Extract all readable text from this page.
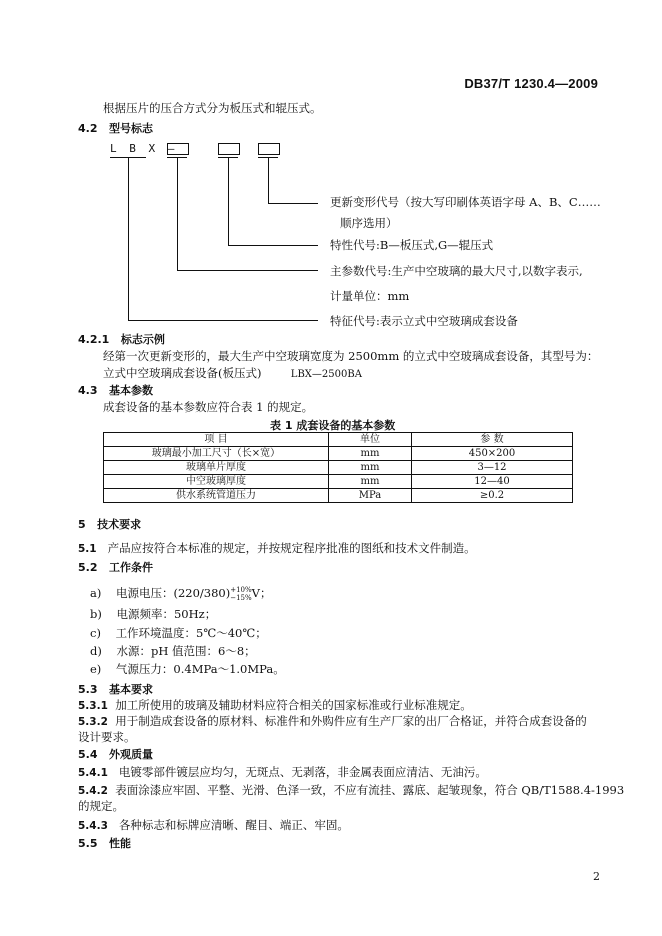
DB37/T 1230.4—2009
根据压片的压合方式分为板压式和辊压式。
4.2 型号标志
L B X —
更新变形代号（按大写印刷体英语字母 A、B、C……
顺序选用）
特性代号:B—板压式,G—辊压式
主参数代号:生产中空玻璃的最大尺寸,以数字表示,
计量单位：mm
特征代号:表示立式中空玻璃成套设备
4.2.1 标志示例
经第一次更新变形的，最大生产中空玻璃宽度为 2500mm 的立式中空玻璃成套设备，其型号为：
立式中空玻璃成套设备(板压式)	LBX—2500BA
4.3 基本参数
成套设备的基本参数应符合表 1 的规定。
表 1 成套设备的基本参数
项 目	单位	参 数
玻璃最小加工尺寸（长×宽）	mm	450×200
玻璃单片厚度	mm	3—12
中空玻璃厚度	mm	12—40
供水系统管道压力	MPa	≥0.2
5 技术要求
5.1 产品应按符合本标准的规定，并按规定程序批准的图纸和技术文件制造。
5.2 工作条件
a) 电源电压：(220/380) +10%
−15% V；
b) 电源频率：50Hz；
c) 工作环境温度：5℃～40℃；
d) 水源：pH 值范围：6～8；
e) 气源压力：0.4MPa～1.0MPa。
5.3 基本要求
5.3.1 加工所使用的玻璃及辅助材料应符合相关的国家标准或行业标准规定。
5.3.2 用于制造成套设备的原材料、标准件和外购件应有生产厂家的出厂合格证，并符合成套设备的
设计要求。
5.4 外观质量
5.4.1 电镀零部件镀层应均匀，无斑点、无剥落，非金属表面应清洁、无油污。
5.4.2 表面涂漆应牢固、平整、光滑、色泽一致，不应有流挂、露底、起皱现象，符合 QB/T1588.4-1993
的规定。
5.4.3 各种标志和标牌应清晰、醒目、端正、牢固。
5.5 性能
2
